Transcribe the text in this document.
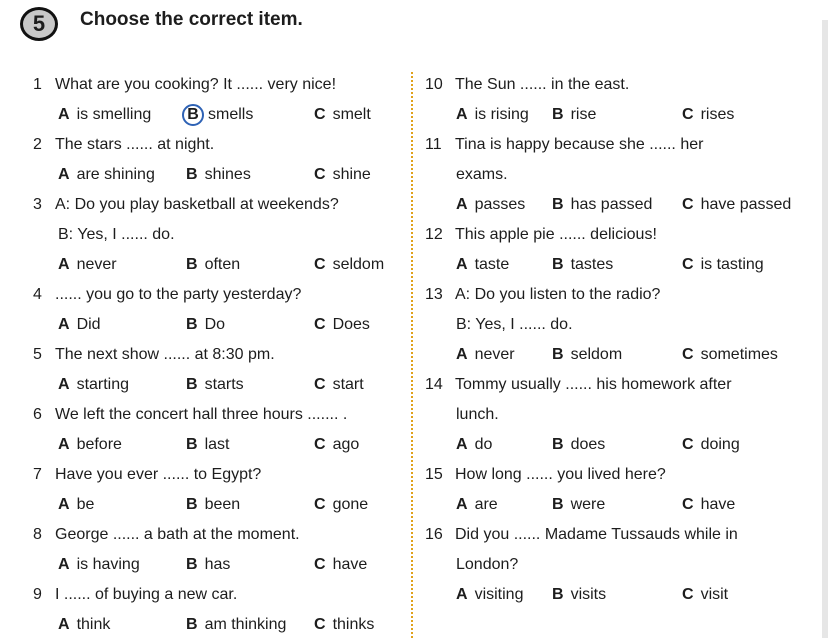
5	Choose the correct item.
1 What are you cooking? It ...... very nice!
A is smelling B smells	C smelt
2 The stars ...... at night.
A are shining B shines	C shine
3 A: Do you play basketball at weekends?
B: Yes, I ...... do.
A never	B often	C seldom
4 ...... you go to the party yesterday?
A Did	B Do	C Does
5 The next show ...... at 8:30 pm.
A starting	B starts	C start
6 We left the concert hall three hours ....... .
A before	B last	C ago
7 Have you ever ...... to Egypt?
A be	B been	C gone
8 George ...... a bath at the moment.
A is having	B has	C have
9 I ...... of buying a new car.
A think	B am thinking C thinks
10 The Sun ...... in the east.
A is rising B rise	C rises
11 Tina is happy because she ...... her
exams.
A passes B has passed C have passed
12 This apple pie ...... delicious!
A taste	B tastes	C is tasting
13 A: Do you listen to the radio?
B: Yes, I ...... do.
A never B seldom	C sometimes
14 Tommy usually ...... his homework after
lunch.
A do	B does	C doing
15 How long ...... you lived here?
A are	B were	C have
16 Did you ...... Madame Tussauds while in
London?
A visiting B visits	C visit
